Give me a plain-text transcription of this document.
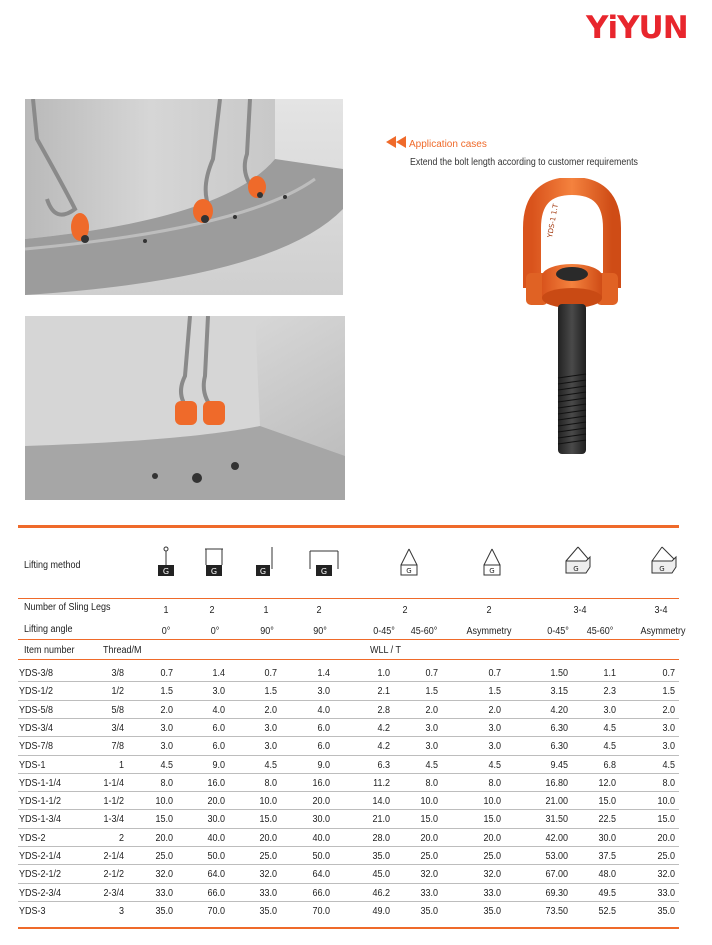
YiYUN
Application cases
Extend the bolt length according to customer requirements
YDS-1 1.T
Lifting method
G	G	G	G	G	G	G	G
Number of Sling Legs	1	2	1	2	2	2	3-4	3-4
Lifting angle	0°	0°	90°	90°	0-45° 45-60°	Asymmetry	0-45° 45-60°	Asymmetry
Item number	Thread/M	WLL / T
YDS-3/8	3/8	0.7	1.4	0.7	1.4	1.0	0.7	0.7	1.50	1.1	0.7
YDS-1/2	1/2	1.5	3.0	1.5	3.0	2.1	1.5	1.5	3.15	2.3	1.5
YDS-5/8	5/8	2.0	4.0	2.0	4.0	2.8	2.0	2.0	4.20	3.0	2.0
YDS-3/4	3/4	3.0	6.0	3.0	6.0	4.2	3.0	3.0	6.30	4.5	3.0
YDS-7/8	7/8	3.0	6.0	3.0	6.0	4.2	3.0	3.0	6.30	4.5	3.0
YDS-1	1	4.5	9.0	4.5	9.0	6.3	4.5	4.5	9.45	6.8	4.5
YDS-1-1/4	1-1/4	8.0	16.0	8.0	16.0	11.2	8.0	8.0	16.80	12.0	8.0
YDS-1-1/2	1-1/2	10.0	20.0	10.0	20.0	14.0	10.0	10.0	21.00	15.0	10.0
YDS-1-3/4	1-3/4	15.0	30.0	15.0	30.0	21.0	15.0	15.0	31.50	22.5	15.0
YDS-2	2	20.0	40.0	20.0	40.0	28.0	20.0	20.0	42.00	30.0	20.0
YDS-2-1/4	2-1/4	25.0	50.0	25.0	50.0	35.0	25.0	25.0	53.00	37.5	25.0
YDS-2-1/2	2-1/2	32.0	64.0	32.0	64.0	45.0	32.0	32.0	67.00	48.0	32.0
YDS-2-3/4	2-3/4	33.0	66.0	33.0	66.0	46.2	33.0	33.0	69.30	49.5	33.0
YDS-3	3	35.0	70.0	35.0	70.0	49.0	35.0	35.0	73.50	52.5	35.0
